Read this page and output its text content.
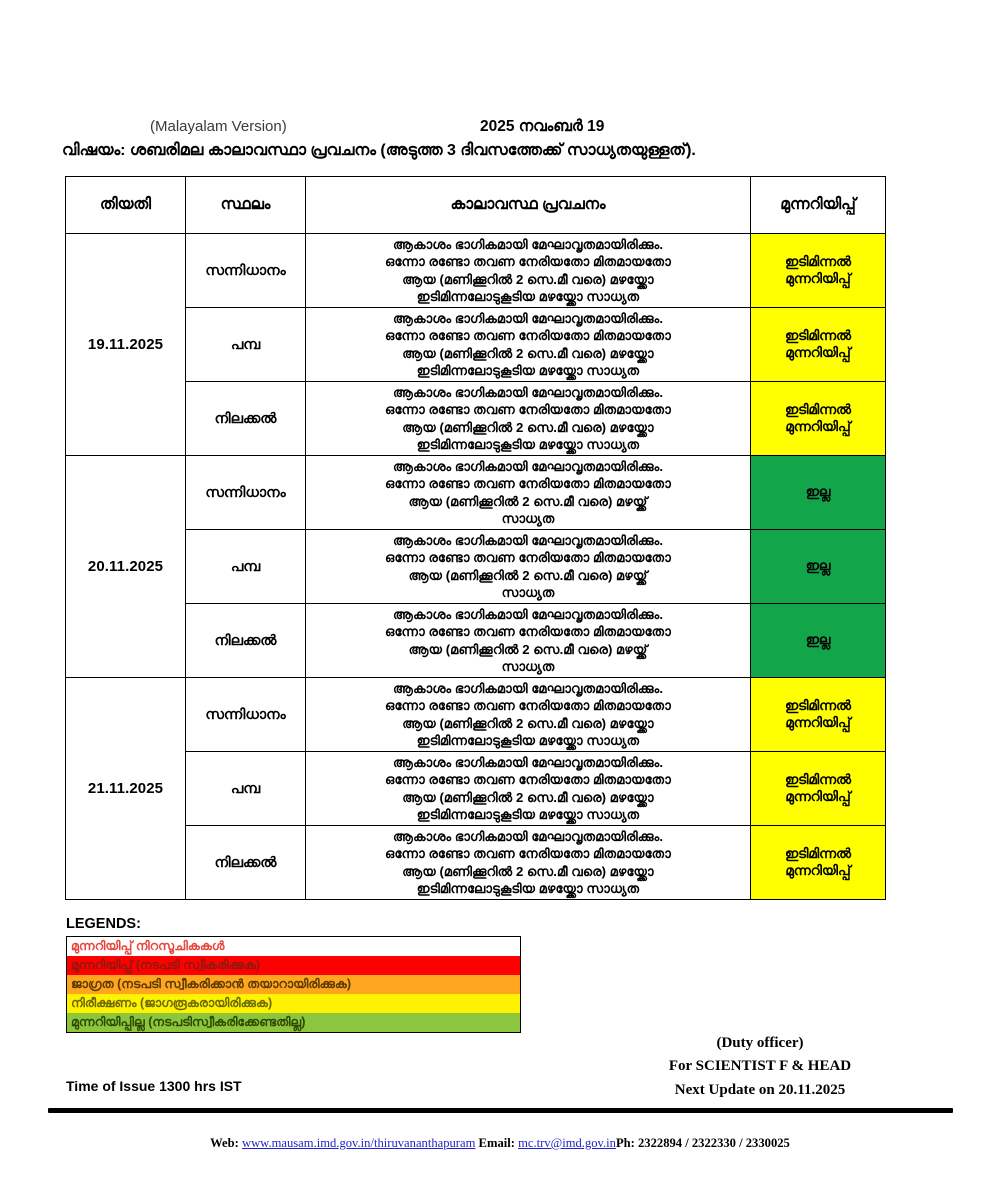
(Malayalam Version)	2025 നവംബർ 19
വിഷയം: ശബരിമല കാലാവസ്ഥാ പ്രവചനം (അടുത്ത 3 ദിവസത്തേക്ക് സാധ്യതയുള്ളത്).
തിയതി	സ്ഥലം	കാലാവസ്ഥ പ്രവചനം	മുന്നറിയിപ്പ്
19.11.2025	സന്നിധാനം	ആകാശം ഭാഗികമായി മേഘാവൃതമായിരിക്കും.
ഒന്നോ രണ്ടോ തവണ നേരിയതോ മിതമായതോ
ആയ (മണിക്കൂറിൽ 2 സെ.മീ വരെ) മഴയ്ക്കോ
ഇടിമിന്നലോടുകൂടിയ മഴയ്ക്കോ സാധ്യത	ഇടിമിന്നൽ
മുന്നറിയിപ്പ്

	പമ്പ	ആകാശം ഭാഗികമായി മേഘാവൃതമായിരിക്കും.
ഒന്നോ രണ്ടോ തവണ നേരിയതോ മിതമായതോ
ആയ (മണിക്കൂറിൽ 2 സെ.മീ വരെ) മഴയ്ക്കോ
ഇടിമിന്നലോടുകൂടിയ മഴയ്ക്കോ സാധ്യത	ഇടിമിന്നൽ
മുന്നറിയിപ്പ്

	നിലക്കൽ	ആകാശം ഭാഗികമായി മേഘാവൃതമായിരിക്കും.
ഒന്നോ രണ്ടോ തവണ നേരിയതോ മിതമായതോ
ആയ (മണിക്കൂറിൽ 2 സെ.മീ വരെ) മഴയ്ക്കോ
ഇടിമിന്നലോടുകൂടിയ മഴയ്ക്കോ സാധ്യത	ഇടിമിന്നൽ
മുന്നറിയിപ്പ്

20.11.2025	സന്നിധാനം	ആകാശം ഭാഗികമായി മേഘാവൃതമായിരിക്കും.
ഒന്നോ രണ്ടോ തവണ നേരിയതോ മിതമായതോ
ആയ (മണിക്കൂറിൽ 2 സെ.മീ വരെ) മഴയ്ക്ക്
സാധ്യത	ഇല്ല

	പമ്പ	ആകാശം ഭാഗികമായി മേഘാവൃതമായിരിക്കും.
ഒന്നോ രണ്ടോ തവണ നേരിയതോ മിതമായതോ
ആയ (മണിക്കൂറിൽ 2 സെ.മീ വരെ) മഴയ്ക്ക്
സാധ്യത	ഇല്ല

	നിലക്കൽ	ആകാശം ഭാഗികമായി മേഘാവൃതമായിരിക്കും.
ഒന്നോ രണ്ടോ തവണ നേരിയതോ മിതമായതോ
ആയ (മണിക്കൂറിൽ 2 സെ.മീ വരെ) മഴയ്ക്ക്
സാധ്യത	ഇല്ല

21.11.2025	സന്നിധാനം	ആകാശം ഭാഗികമായി മേഘാവൃതമായിരിക്കും.
ഒന്നോ രണ്ടോ തവണ നേരിയതോ മിതമായതോ
ആയ (മണിക്കൂറിൽ 2 സെ.മീ വരെ) മഴയ്ക്കോ
ഇടിമിന്നലോടുകൂടിയ മഴയ്ക്കോ സാധ്യത	ഇടിമിന്നൽ
മുന്നറിയിപ്പ്

	പമ്പ	ആകാശം ഭാഗികമായി മേഘാവൃതമായിരിക്കും.
ഒന്നോ രണ്ടോ തവണ നേരിയതോ മിതമായതോ
ആയ (മണിക്കൂറിൽ 2 സെ.മീ വരെ) മഴയ്ക്കോ
ഇടിമിന്നലോടുകൂടിയ മഴയ്ക്കോ സാധ്യത	ഇടിമിന്നൽ
മുന്നറിയിപ്പ്

	നിലക്കൽ	ആകാശം ഭാഗികമായി മേഘാവൃതമായിരിക്കും.
ഒന്നോ രണ്ടോ തവണ നേരിയതോ മിതമായതോ
ആയ (മണിക്കൂറിൽ 2 സെ.മീ വരെ) മഴയ്ക്കോ
ഇടിമിന്നലോടുകൂടിയ മഴയ്ക്കോ സാധ്യത	ഇടിമിന്നൽ
മുന്നറിയിപ്പ്
LEGENDS:
മുന്നറിയിപ്പ് നിറസൂചികകൾ
മുന്നറിയിപ്പ് (നടപടി സ്വീകരിക്കുക)
ജാഗ്രത (നടപടി സ്വീകരിക്കാൻ തയാറായിരിക്കുക)
നിരീക്ഷണം (ജാഗരൂകരായിരിക്കുക)
മുന്നറിയിപ്പില്ല (നടപടിസ്വീകരിക്കേണ്ടതില്ല)
(Duty officer)
For SCIENTIST F & HEAD
Next Update on 20.11.2025
Time of Issue 1300 hrs IST
Web: www.mausam.imd.gov.in/thiruvananthapuram Email: mc.trv@imd.gov.inPh: 2322894 / 2322330 / 2330025
